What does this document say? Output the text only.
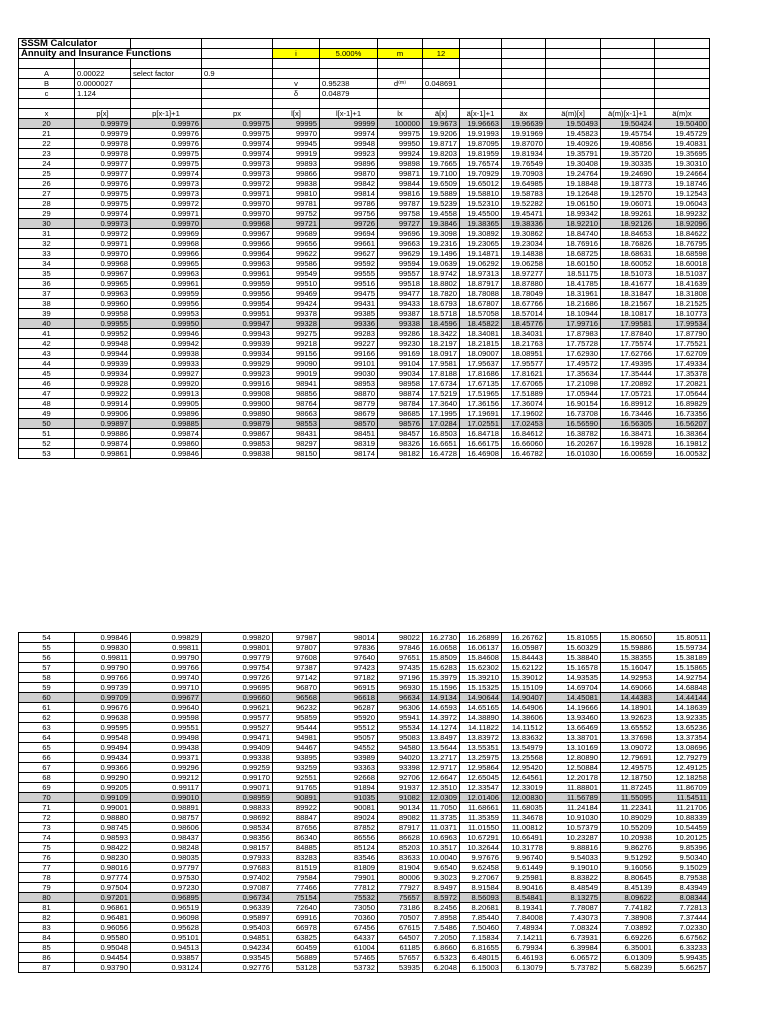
SSSM Calculator												
Annuity and Insurance Functions				i	5.000%	m	12					

A	0.00022	select factor	0.9									
B	0.0000027			v	0.95238	d⁽ᵐ⁾	0.048691					
c	1.124			δ	0.04879							

x	p[x]	p[x-1]+1	px	l[x]	l[x-1]+1	lx	ä[x]	ä[x-1]+1	äx	ä(m)[x]	ä(m)[x-1]+1	ä(m)x
20	0.99979	0.99976	0.99975	99995	99999	100000	19.9673	19.96663	19.96639	19.50493	19.50424	19.50400
21	0.99979	0.99976	0.99975	99970	99974	99975	19.9206	19.91993	19.91969	19.45823	19.45754	19.45729
22	0.99978	0.99976	0.99974	99945	99948	99950	19.8717	19.87095	19.87070	19.40926	19.40856	19.40831
23	0.99978	0.99975	0.99974	99919	99923	99924	19.8203	19.81959	19.81934	19.35791	19.35720	19.35695
24	0.99977	0.99975	0.99973	99893	99896	99898	19.7665	19.76574	19.76549	19.30408	19.30335	19.30310
25	0.99977	0.99974	0.99973	99866	99870	99871	19.7100	19.70929	19.70903	19.24764	19.24690	19.24664
26	0.99976	0.99973	0.99972	99838	99842	99844	19.6509	19.65012	19.64985	19.18848	19.18773	19.18746
27	0.99975	0.99973	0.99971	99810	99814	99816	19.5889	19.58810	19.58783	19.12648	19.12570	19.12543
28	0.99975	0.99972	0.99970	99781	99786	99787	19.5239	19.52310	19.52282	19.06150	19.06071	19.06043
29	0.99974	0.99971	0.99970	99752	99756	99758	19.4558	19.45500	19.45471	18.99342	18.99261	18.99232
30	0.99973	0.99970	0.99968	99721	99726	99727	19.3846	19.38365	19.38336	18.92210	18.92126	18.92096
31	0.99972	0.99969	0.99967	99689	99694	99696	19.3098	19.30892	19.30862	18.84740	18.84653	18.84622
32	0.99971	0.99968	0.99966	99656	99661	99663	19.2316	19.23065	19.23034	18.76916	18.76826	18.76795
33	0.99970	0.99966	0.99964	99622	99627	99629	19.1496	19.14871	19.14838	18.68725	18.68631	18.68598
34	0.99968	0.99965	0.99963	99586	99592	99594	19.0639	19.06292	19.06258	18.60150	18.60052	18.60018
35	0.99967	0.99963	0.99961	99549	99555	99557	18.9742	18.97313	18.97277	18.51175	18.51073	18.51037
36	0.99965	0.99961	0.99959	99510	99516	99518	18.8802	18.87917	18.87880	18.41785	18.41677	18.41639
37	0.99963	0.99959	0.99956	99469	99475	99477	18.7820	18.78088	18.78049	18.31961	18.31847	18.31808
38	0.99960	0.99956	0.99954	99424	99431	99433	18.6793	18.67807	18.67766	18.21686	18.21567	18.21525
39	0.99958	0.99953	0.99951	99378	99385	99387	18.5718	18.57058	18.57014	18.10944	18.10817	18.10773
40	0.99955	0.99950	0.99947	99328	99336	99338	18.4596	18.45822	18.45776	17.99716	17.99581	17.99534
41	0.99952	0.99946	0.99943	99275	99283	99286	18.3422	18.34081	18.34031	17.87983	17.87840	17.87790
42	0.99948	0.99942	0.99939	99218	99227	99230	18.2197	18.21815	18.21763	17.75728	17.75574	17.75521
43	0.99944	0.99938	0.99934	99156	99166	99169	18.0917	18.09007	18.08951	17.62930	17.62766	17.62709
44	0.99939	0.99933	0.99929	99090	99101	99104	17.9581	17.95637	17.95577	17.49572	17.49395	17.49334
45	0.99934	0.99927	0.99923	99019	99030	99034	17.8188	17.81686	17.81621	17.35634	17.35444	17.35378
46	0.99928	0.99920	0.99916	98941	98953	98958	17.6734	17.67135	17.67065	17.21098	17.20892	17.20821
47	0.99922	0.99913	0.99908	98856	98870	98874	17.5219	17.51965	17.51889	17.05944	17.05721	17.05644
48	0.99914	0.99905	0.99900	98764	98779	98784	17.3640	17.36156	17.36074	16.90154	16.89912	16.89829
49	0.99906	0.99896	0.99890	98663	98679	98685	17.1995	17.19691	17.19602	16.73708	16.73446	16.73356
50	0.99897	0.99885	0.99879	98553	98570	98576	17.0284	17.02551	17.02453	16.56590	16.56305	16.56207
51	0.99886	0.99874	0.99867	98431	98451	98457	16.8503	16.84718	16.84612	16.38782	16.38471	16.38364
52	0.99874	0.99860	0.99853	98297	98319	98326	16.6651	16.66175	16.66060	16.20267	16.19928	16.19812
53	0.99861	0.99846	0.99838	98150	98174	98182	16.4728	16.46908	16.46782	16.01030	16.00659	16.00532
54	0.99846	0.99829	0.99820	97987	98014	98022	16.2730	16.26899	16.26762	15.81055	15.80650	15.80511
55	0.99830	0.99811	0.99801	97807	97836	97846	16.0658	16.06137	16.05987	15.60329	15.59886	15.59734
56	0.99811	0.99790	0.99779	97608	97640	97651	15.8509	15.84608	15.84443	15.38840	15.38355	15.38189
57	0.99790	0.99766	0.99754	97387	97423	97435	15.6283	15.62302	15.62122	15.16578	15.16047	15.15865
58	0.99766	0.99740	0.99726	97142	97182	97196	15.3979	15.39210	15.39012	14.93535	14.92953	14.92754
59	0.99739	0.99710	0.99695	96870	96915	96930	15.1596	15.15325	15.15109	14.69704	14.69066	14.68848
60	0.99709	0.99677	0.99660	96568	96618	96634	14.9134	14.90644	14.90407	14.45081	14.44383	14.44144
61	0.99676	0.99640	0.99621	96232	96287	96306	14.6593	14.65165	14.64906	14.19666	14.18901	14.18639
62	0.99638	0.99598	0.99577	95859	95920	95941	14.3972	14.38890	14.38606	13.93460	13.92623	13.92335
63	0.99595	0.99551	0.99527	95444	95512	95534	14.1274	14.11822	14.11512	13.66469	13.65552	13.65236
64	0.99548	0.99498	0.99471	94981	95057	95083	13.8497	13.83972	13.83632	13.38701	13.37698	13.37354
65	0.99494	0.99438	0.99409	94467	94552	94580	13.5644	13.55351	13.54979	13.10169	13.09072	13.08696
66	0.99434	0.99371	0.99338	93895	93989	94020	13.2717	13.25975	13.25568	12.80890	12.79691	12.79279
67	0.99366	0.99296	0.99259	93259	93363	93398	12.9717	12.95864	12.95420	12.50884	12.49575	12.49125
68	0.99290	0.99212	0.99170	92551	92668	92706	12.6647	12.65045	12.64561	12.20178	12.18750	12.18258
69	0.99205	0.99117	0.99071	91765	91894	91937	12.3510	12.33547	12.33019	11.88801	11.87245	11.86709
70	0.99109	0.99010	0.98959	90891	91035	91082	12.0309	12.01406	12.00830	11.56789	11.55095	11.54511
71	0.99001	0.98891	0.98833	89922	90081	90134	11.7050	11.68661	11.68035	11.24184	11.22341	11.21706
72	0.98880	0.98757	0.98692	88847	89024	89082	11.3735	11.35359	11.34678	10.91030	10.89029	10.88339
73	0.98745	0.98606	0.98534	87656	87852	87917	11.0371	11.01550	11.00812	10.57379	10.55209	10.54459
74	0.98593	0.98437	0.98356	86340	86556	86628	10.6963	10.67291	10.66491	10.23287	10.20938	10.20125
75	0.98422	0.98248	0.98157	84885	85124	85203	10.3517	10.32644	10.31778	9.88816	9.86276	9.85396
76	0.98230	0.98035	0.97933	83283	83546	83633	10.0040	9.97676	9.96740	9.54033	9.51292	9.50340
77	0.98016	0.97797	0.97683	81519	81809	81904	9.6540	9.62458	9.61449	9.19010	9.16056	9.15029
78	0.97774	0.97530	0.97402	79584	79901	80006	9.3023	9.27067	9.25981	8.83822	8.80645	8.79538
79	0.97504	0.97230	0.97087	77466	77812	77927	8.9497	8.91584	8.90416	8.48549	8.45139	8.43949
80	0.97201	0.96895	0.96734	75154	75532	75657	8.5972	8.56093	8.54841	8.13275	8.09622	8.08344
81	0.96861	0.96519	0.96339	72640	73050	73186	8.2456	8.20681	8.19341	7.78087	7.74182	7.72813
82	0.96481	0.96098	0.95897	69916	70360	70507	7.8958	7.85440	7.84008	7.43073	7.38908	7.37444
83	0.96056	0.95628	0.95403	66978	67456	67615	7.5486	7.50460	7.48934	7.08324	7.03892	7.02330
84	0.95580	0.95101	0.94851	63825	64337	64507	7.2050	7.15834	7.14211	6.73931	6.69226	6.67562
85	0.95048	0.94513	0.94234	60459	61004	61185	6.8660	6.81655	6.79934	6.39984	6.35001	6.33233
86	0.94454	0.93857	0.93545	56889	57465	57657	6.5323	6.48015	6.46193	6.06572	6.01309	5.99435
87	0.93790	0.93124	0.92776	53128	53732	53935	6.2048	6.15003	6.13079	5.73782	5.68239	5.66257
